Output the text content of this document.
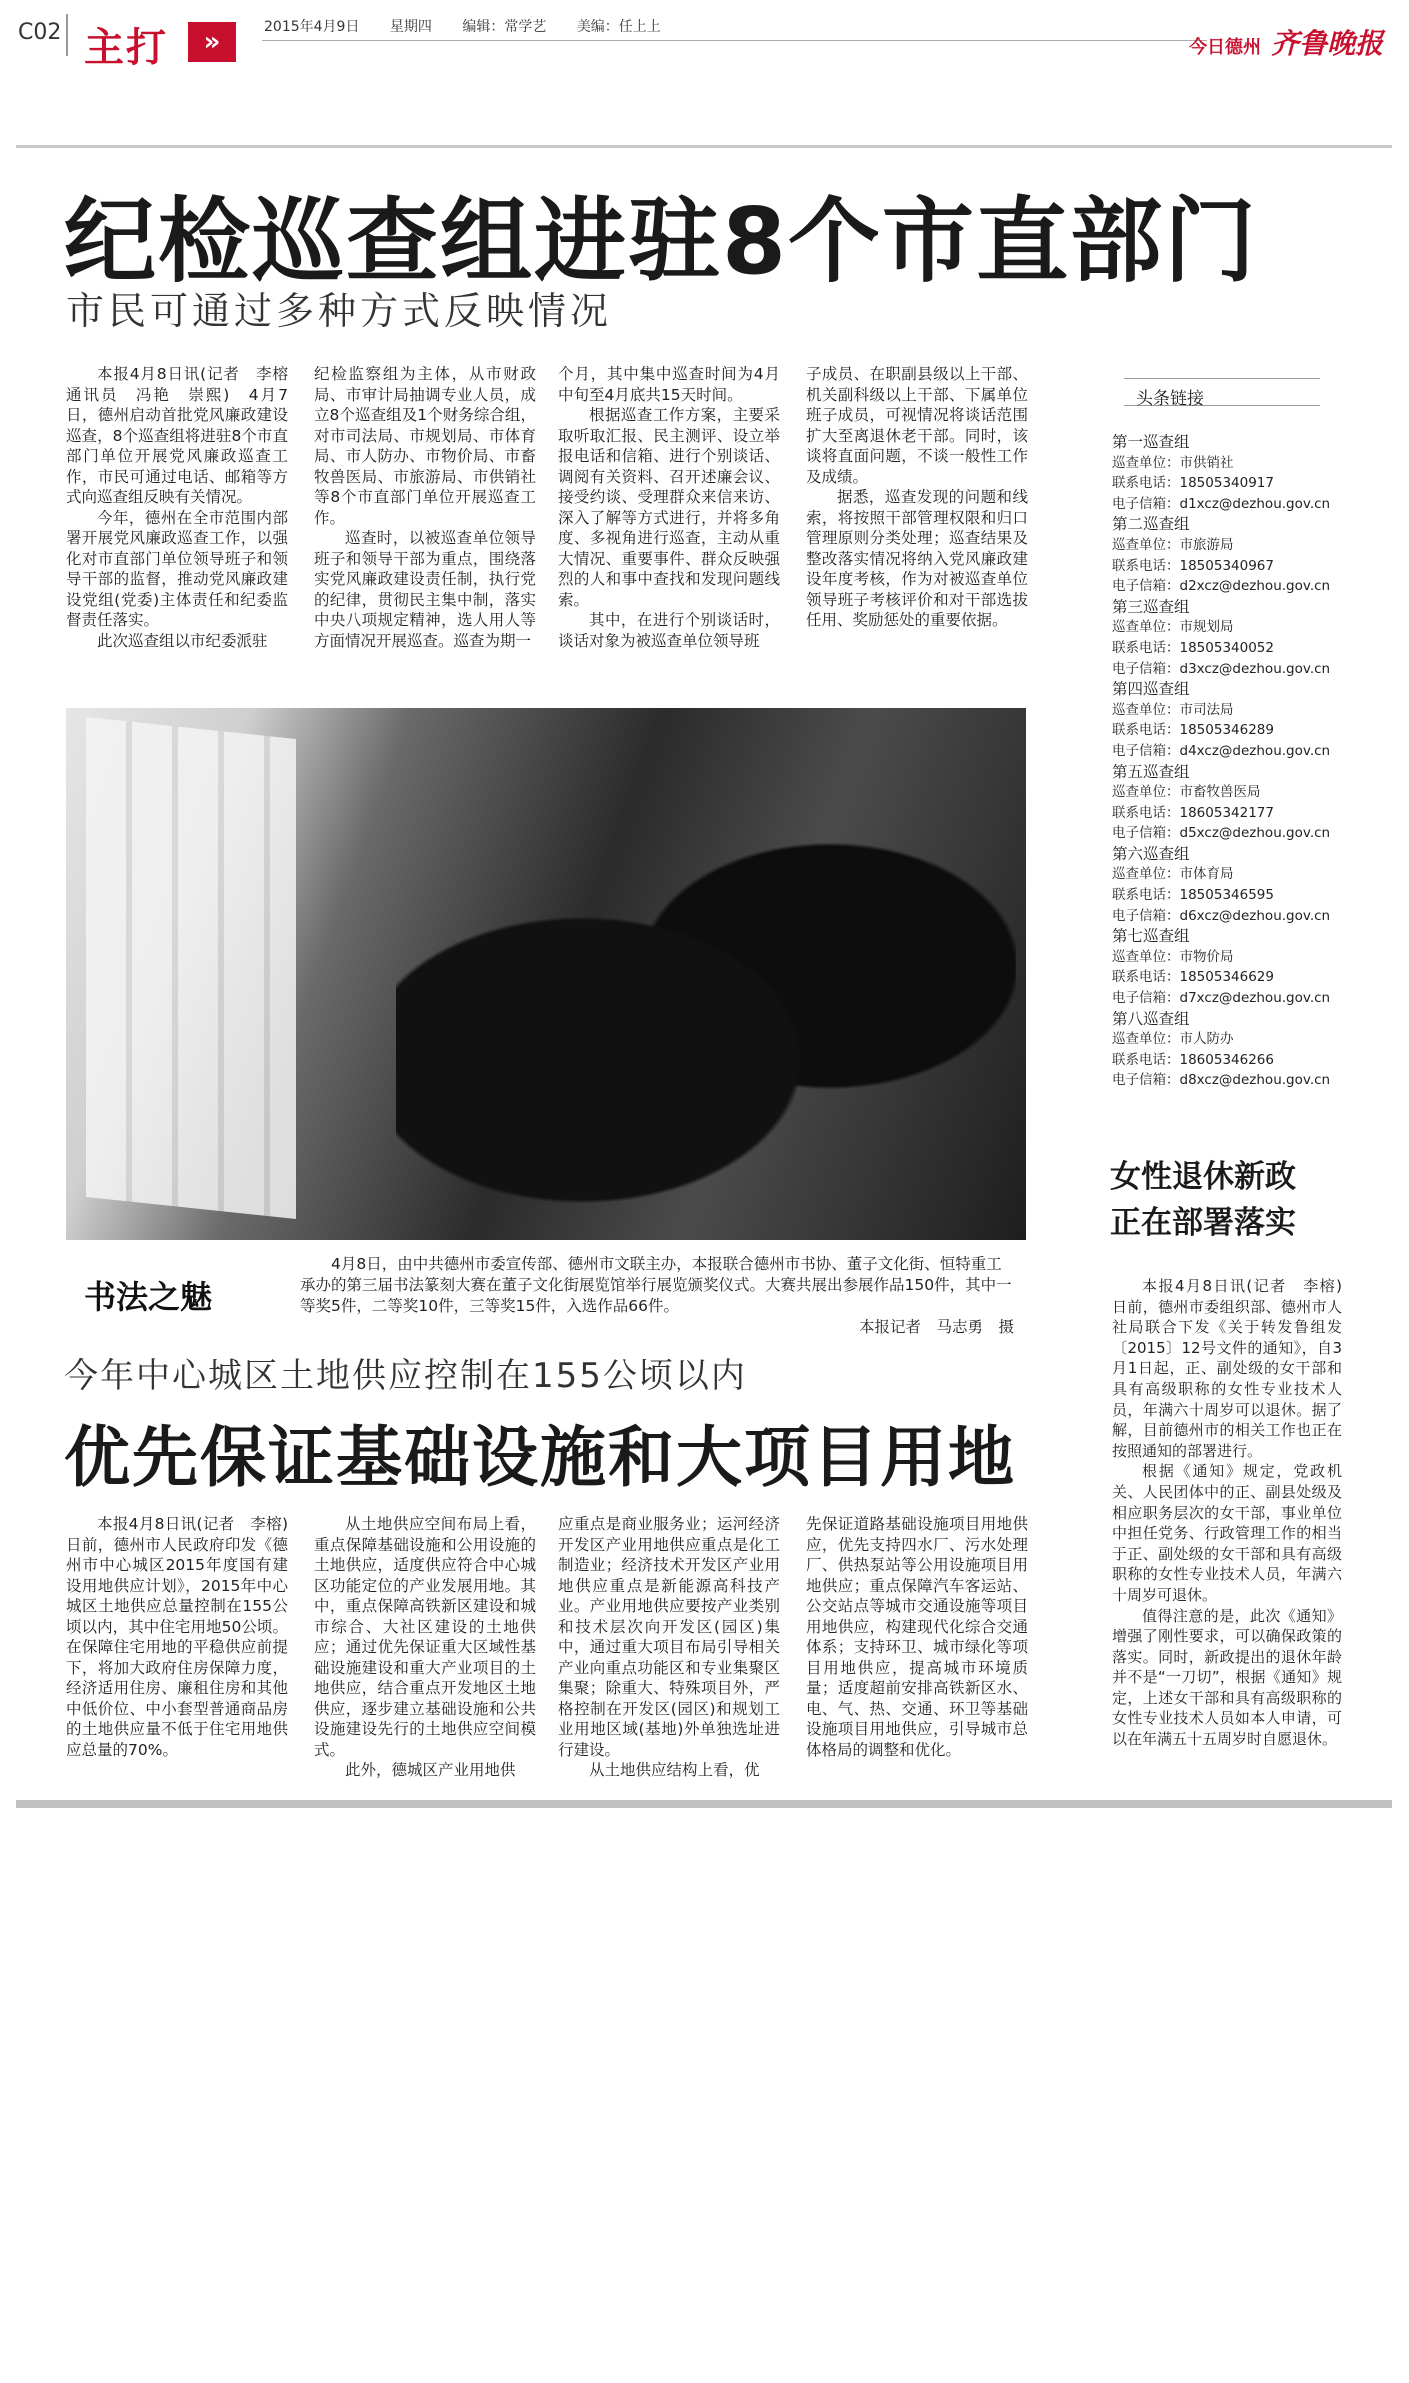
C02 主打	»	2015年4月9日 星期四 编辑：常学艺 美编：任上上
今日德州 齐鲁晚报
纪检巡查组进驻8个市直部门
市民可通过多种方式反映情况

本报4月8日讯(记者　李榕　通讯员　冯艳　崇熙)　4月7日，德州启动首批党风廉政建设巡查，8个巡查组将进驻8个市直部门单位开展党风廉政巡查工作，市民可通过电话、邮箱等方式向巡查组反映有关情况。

今年，德州在全市范围内部署开展党风廉政巡查工作，以强化对市直部门单位领导班子和领导干部的监督，推动党风廉政建设党组(党委)主体责任和纪委监督责任落实。

此次巡查组以市纪委派驻

纪检监察组为主体，从市财政局、市审计局抽调专业人员，成立8个巡查组及1个财务综合组，对市司法局、市规划局、市体育局、市人防办、市物价局、市畜牧兽医局、市旅游局、市供销社等8个市直部门单位开展巡查工作。

巡查时，以被巡查单位领导班子和领导干部为重点，围绕落实党风廉政建设责任制，执行党的纪律，贯彻民主集中制，落实中央八项规定精神，选人用人等方面情况开展巡查。巡查为期一

个月，其中集中巡查时间为4月中旬至4月底共15天时间。

根据巡查工作方案，主要采取听取汇报、民主测评、设立举报电话和信箱、进行个别谈话、调阅有关资料、召开述廉会议、接受约谈、受理群众来信来访、深入了解等方式进行，并将多角度、多视角进行巡查，主动从重大情况、重要事件、群众反映强烈的人和事中查找和发现问题线索。

其中，在进行个别谈话时，谈话对象为被巡查单位领导班

子成员、在职副县级以上干部、机关副科级以上干部、下属单位班子成员，可视情况将谈话范围扩大至离退休老干部。同时，该谈将直面问题，不谈一般性工作及成绩。

据悉，巡查发现的问题和线索，将按照干部管理权限和归口管理原则分类处理；巡查结果及整改落实情况将纳入党风廉政建设年度考核，作为对被巡查单位领导班子考核评价和对干部选拔任用、奖励惩处的重要依据。

书法之魅

4月8日，由中共德州市委宣传部、德州市文联主办，本报联合德州市书协、董子文化街、恒特重工承办的第三届书法篆刻大赛在董子文化街展览馆举行展览颁奖仪式。大赛共展出参展作品150件，其中一等奖5件，二等奖10件，三等奖15件，入选作品66件。

本报记者　马志勇　摄
今年中心城区土地供应控制在155公顷以内
优先保证基础设施和大项目用地

本报4月8日讯(记者　李榕)　日前，德州市人民政府印发《德州市中心城区2015年度国有建设用地供应计划》，2015年中心城区土地供应总量控制在155公顷以内，其中住宅用地50公顷。在保障住宅用地的平稳供应前提下，将加大政府住房保障力度，经济适用住房、廉租住房和其他中低价位、中小套型普通商品房的土地供应量不低于住宅用地供应总量的70%。

从土地供应空间布局上看，重点保障基础设施和公用设施的土地供应，适度供应符合中心城区功能定位的产业发展用地。其中，重点保障高铁新区建设和城市综合、大社区建设的土地供应；通过优先保证重大区域性基础设施建设和重大产业项目的土地供应，结合重点开发地区土地供应，逐步建立基础设施和公共设施建设先行的土地供应空间模式。

此外，德城区产业用地供

应重点是商业服务业；运河经济开发区产业用地供应重点是化工制造业；经济技术开发区产业用地供应重点是新能源高科技产业。产业用地供应要按产业类别和技术层次向开发区(园区)集中，通过重大项目布局引导相关产业向重点功能区和专业集聚区集聚；除重大、特殊项目外，严格控制在开发区(园区)和规划工业用地区域(基地)外单独选址进行建设。

从土地供应结构上看，优

先保证道路基础设施项目用地供应，优先支持四水厂、污水处理厂、供热泵站等公用设施项目用地供应；重点保障汽车客运站、公交站点等城市交通设施等项目用地供应，构建现代化综合交通体系；支持环卫、城市绿化等项目用地供应，提高城市环境质量；适度超前安排高铁新区水、电、气、热、交通、环卫等基础设施项目用地供应，引导城市总体格局的调整和优化。

头条链接
第一巡查组
巡查单位：市供销社
联系电话：18505340917
电子信箱：d1xcz@dezhou.gov.cn
第二巡查组
巡查单位：市旅游局
联系电话：18505340967
电子信箱：d2xcz@dezhou.gov.cn
第三巡查组
巡查单位：市规划局
联系电话：18505340052
电子信箱：d3xcz@dezhou.gov.cn
第四巡查组
巡查单位：市司法局
联系电话：18505346289
电子信箱：d4xcz@dezhou.gov.cn
第五巡查组
巡查单位：市畜牧兽医局
联系电话：18605342177
电子信箱：d5xcz@dezhou.gov.cn
第六巡查组
巡查单位：市体育局
联系电话：18505346595
电子信箱：d6xcz@dezhou.gov.cn
第七巡查组
巡查单位：市物价局
联系电话：18505346629
电子信箱：d7xcz@dezhou.gov.cn
第八巡查组
巡查单位：市人防办
联系电话：18605346266
电子信箱：d8xcz@dezhou.gov.cn
女性退休新政
正在部署落实

本报4月8日讯(记者　李榕)　日前，德州市委组织部、德州市人社局联合下发《关于转发鲁组发〔2015〕12号文件的通知》，自3月1日起，正、副处级的女干部和具有高级职称的女性专业技术人员，年满六十周岁可以退休。据了解，目前德州市的相关工作也正在按照通知的部署进行。

根据《通知》规定，党政机关、人民团体中的正、副县处级及相应职务层次的女干部，事业单位中担任党务、行政管理工作的相当于正、副处级的女干部和具有高级职称的女性专业技术人员，年满六十周岁可退休。

值得注意的是，此次《通知》增强了刚性要求，可以确保政策的落实。同时，新政提出的退休年龄并不是“一刀切”，根据《通知》规定，上述女干部和具有高级职称的女性专业技术人员如本人申请，可以在年满五十五周岁时自愿退休。
